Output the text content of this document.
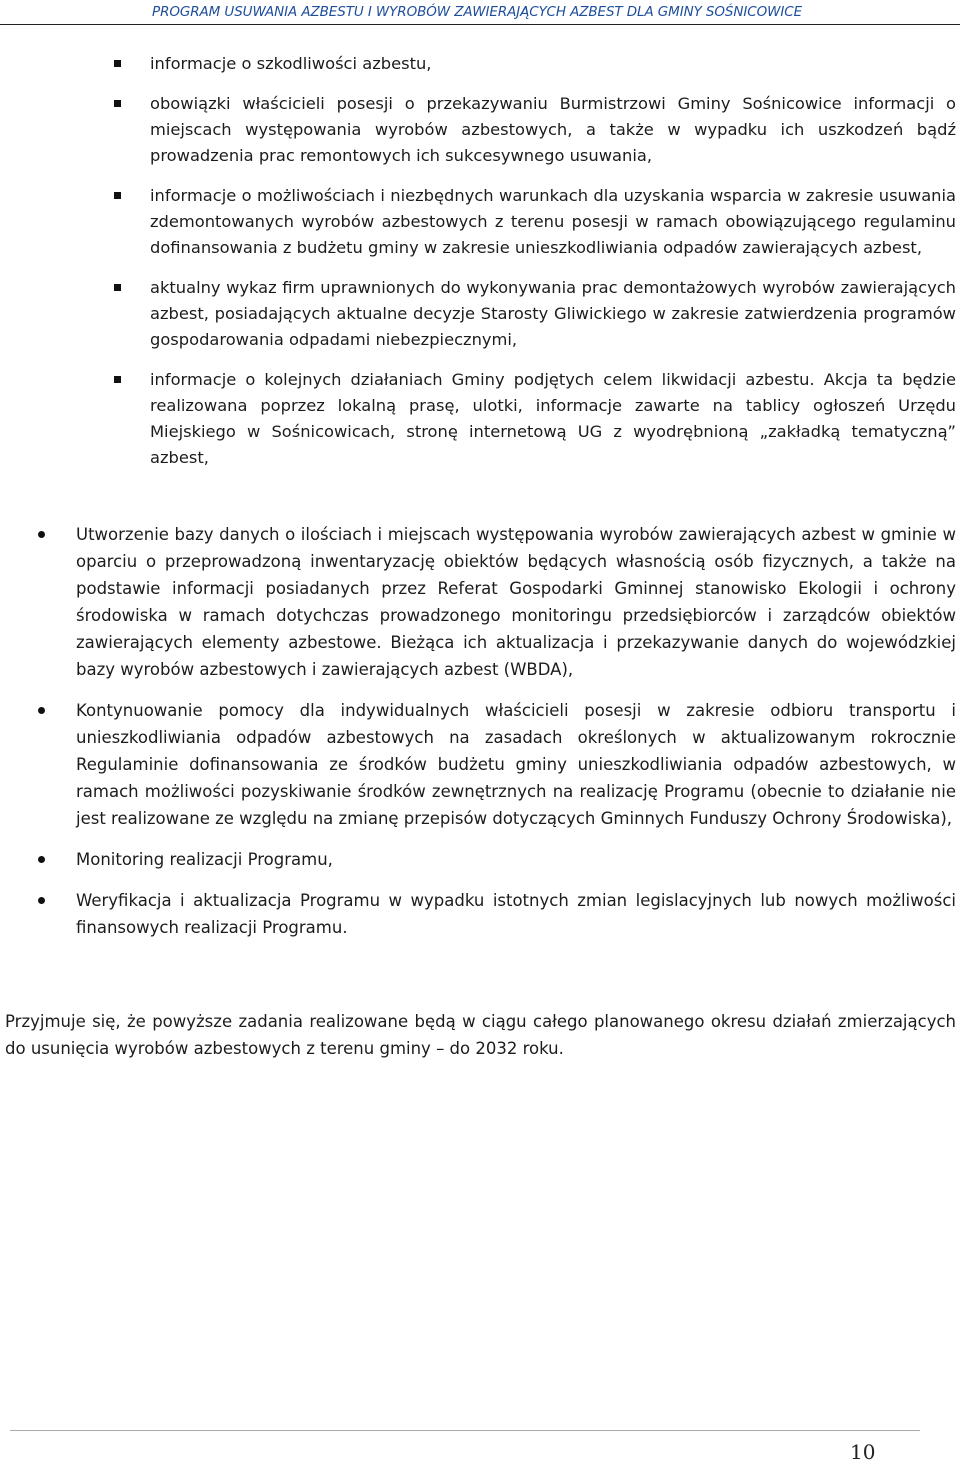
PROGRAM USUWANIA AZBESTU I WYROBÓW ZAWIERAJĄCYCH AZBEST DLA GMINY SOŚNICOWICE
informacje o szkodliwości azbestu,
obowiązki właścicieli posesji o przekazywaniu Burmistrzowi Gminy Sośnicowice informacji o miejscach występowania wyrobów azbestowych, a także w wypadku ich uszkodzeń bądź prowadzenia prac remontowych ich sukcesywnego usuwania,
informacje o możliwościach i niezbędnych warunkach dla uzyskania wsparcia w zakresie usuwania zdemontowanych wyrobów azbestowych z terenu posesji w ramach obowiązującego regulaminu dofinansowania z budżetu gminy w zakresie unieszkodliwiania odpadów zawierających azbest,
aktualny wykaz firm uprawnionych do wykonywania prac demontażowych wyrobów zawierających azbest, posiadających aktualne decyzje Starosty Gliwickiego w zakresie zatwierdzenia programów gospodarowania odpadami niebezpiecznymi,
informacje o kolejnych działaniach Gminy podjętych celem likwidacji azbestu. Akcja ta będzie realizowana poprzez lokalną prasę, ulotki, informacje zawarte na tablicy ogłoszeń Urzędu Miejskiego w Sośnicowicach, stronę internetową UG z wyodrębnioną „zakładką tematyczną” azbest,
Utworzenie bazy danych o ilościach i miejscach występowania wyrobów zawierających azbest w gminie w oparciu o przeprowadzoną inwentaryzację obiektów będących własnością osób fizycznych, a także na podstawie informacji posiadanych przez Referat Gospodarki Gminnej stanowisko Ekologii i ochrony środowiska w ramach dotychczas prowadzonego monitoringu przedsiębiorców i zarządców obiektów zawierających elementy azbestowe. Bieżąca ich aktualizacja i przekazywanie danych do wojewódzkiej bazy wyrobów azbestowych i zawierających azbest (WBDA),
Kontynuowanie pomocy dla indywidualnych właścicieli posesji w zakresie odbioru transportu i unieszkodliwiania odpadów azbestowych na zasadach określonych w aktualizowanym rokrocznie Regulaminie dofinansowania ze środków budżetu gminy unieszkodliwiania odpadów azbestowych, w ramach możliwości pozyskiwanie środków zewnętrznych na realizację Programu (obecnie to działanie nie jest realizowane ze względu na zmianę przepisów dotyczących Gminnych Funduszy Ochrony Środowiska),
Monitoring realizacji Programu,
Weryfikacja i aktualizacja Programu w wypadku istotnych zmian legislacyjnych lub nowych możliwości finansowych realizacji Programu.

Przyjmuje się, że powyższe zadania realizowane będą w ciągu całego planowanego okresu działań zmierzających do usunięcia wyrobów azbestowych z terenu gminy – do 2032 roku.

10
